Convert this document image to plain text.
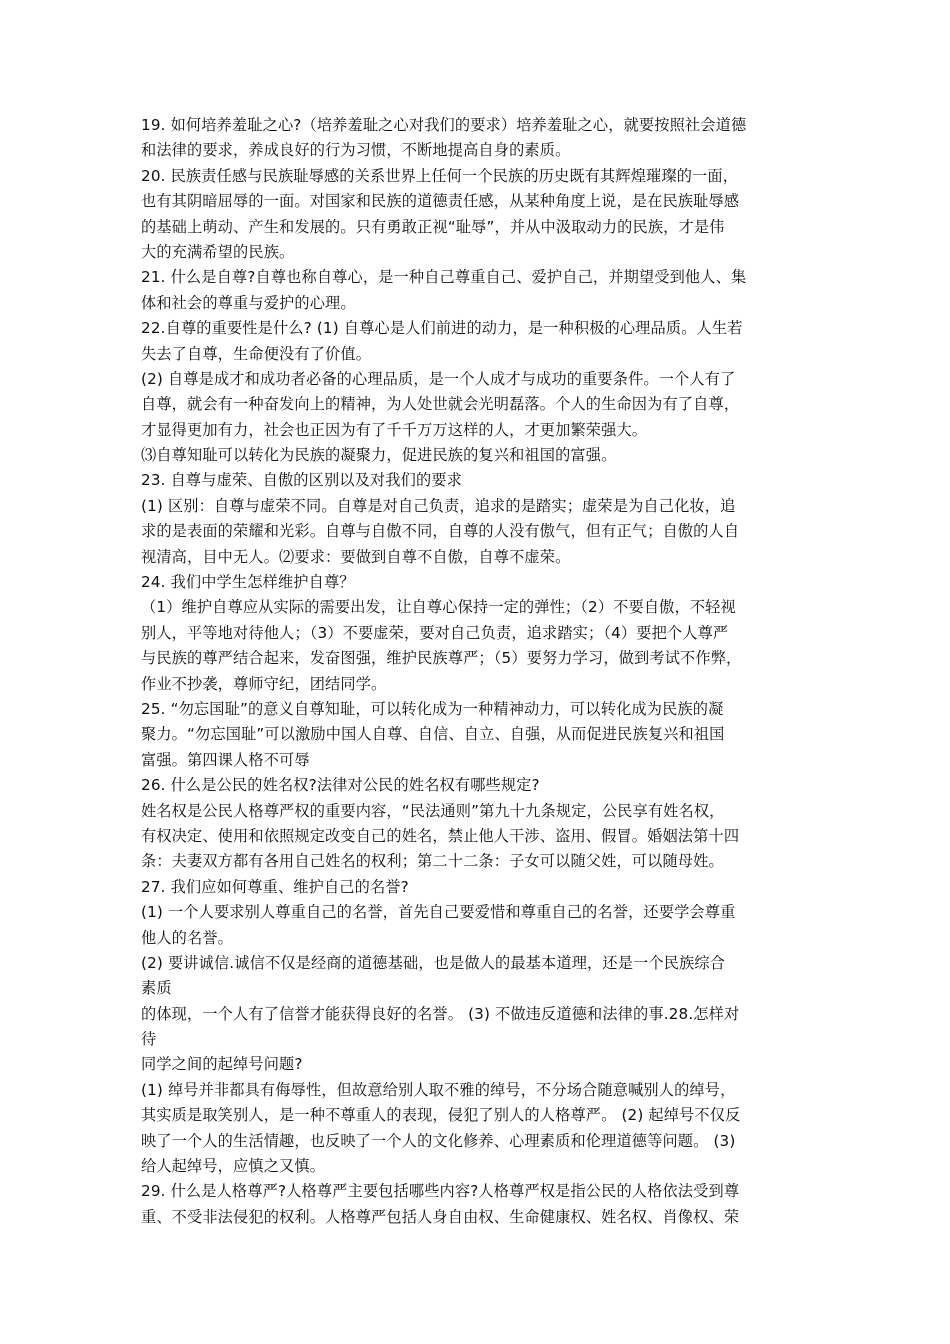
19. 如何培养羞耻之心?（培养羞耻之心对我们的要求）培养羞耻之心，就要按照社会道德
和法律的要求，养成良好的行为习惯，不断地提高自身的素质。
20. 民族责任感与民族耻辱感的关系世界上任何一个民族的历史既有其辉煌璀璨的一面，
也有其阴暗屈辱的一面。对国家和民族的道德责任感，从某种角度上说，是在民族耻辱感
的基础上萌动、产生和发展的。只有勇敢正视“耻辱”，并从中汲取动力的民族，才是伟
大的充满希望的民族。
21. 什么是自尊?自尊也称自尊心，是一种自己尊重自己、爱护自己，并期望受到他人、集
体和社会的尊重与爱护的心理。
22.自尊的重要性是什么? (1) 自尊心是人们前进的动力，是一种积极的心理品质。人生若
失去了自尊，生命便没有了价值。
(2) 自尊是成才和成功者必备的心理品质，是一个人成才与成功的重要条件。一个人有了
自尊，就会有一种奋发向上的精神，为人处世就会光明磊落。个人的生命因为有了自尊，
才显得更加有力，社会也正因为有了千千万万这样的人，才更加繁荣强大。
⑶自尊知耻可以转化为民族的凝聚力，促进民族的复兴和祖国的富强。
23. 自尊与虚荣、自傲的区别以及对我们的要求
(1) 区别：自尊与虚荣不同。自尊是对自己负责，追求的是踏实；虚荣是为自己化妆，追
求的是表面的荣耀和光彩。自尊与自傲不同，自尊的人没有傲气，但有正气；自傲的人自
视清高，目中无人。⑵要求：要做到自尊不自傲，自尊不虚荣。
24. 我们中学生怎样维护自尊？
（1）维护自尊应从实际的需要出发，让自尊心保持一定的弹性；（2）不要自傲，不轻视
别人，平等地对待他人；（3）不要虚荣，要对自己负责，追求踏实；（4）要把个人尊严
与民族的尊严结合起来，发奋图强，维护民族尊严；（5）要努力学习，做到考试不作弊，
作业不抄袭，尊师守纪，团结同学。
25. “勿忘国耻”的意义自尊知耻，可以转化成为一种精神动力，可以转化成为民族的凝
聚力。“勿忘国耻”可以激励中国人自尊、自信、自立、自强，从而促进民族复兴和祖国
富强。第四课人格不可辱
26. 什么是公民的姓名权?法律对公民的姓名权有哪些规定?
姓名权是公民人格尊严权的重要内容，“民法通则”第九十九条规定，公民享有姓名权，
有权决定、使用和依照规定改变自己的姓名，禁止他人干涉、盗用、假冒。婚姻法第十四
条：夫妻双方都有各用自己姓名的权利；第二十二条：子女可以随父姓，可以随母姓。
27. 我们应如何尊重、维护自己的名誉?
(1) 一个人要求别人尊重自己的名誉，首先自己要爱惜和尊重自己的名誉，还要学会尊重
他人的名誉。
(2) 要讲诚信.诚信不仅是经商的道德基础，也是做人的最基本道理，还是一个民族综合
素质
的体现，一个人有了信誉才能获得良好的名誉。 (3) 不做违反道德和法律的事.28.怎样对
待
同学之间的起绰号问题?
(1) 绰号并非都具有侮辱性，但故意给别人取不雅的绰号，不分场合随意喊别人的绰号，
其实质是取笑别人，是一种不尊重人的表现，侵犯了别人的人格尊严。 (2) 起绰号不仅反
映了一个人的生活情趣，也反映了一个人的文化修养、心理素质和伦理道德等问题。 (3)
给人起绰号，应慎之又慎。
29. 什么是人格尊严?人格尊严主要包括哪些内容?人格尊严权是指公民的人格依法受到尊
重、不受非法侵犯的权利。人格尊严包括人身自由权、生命健康权、姓名权、肖像权、荣
